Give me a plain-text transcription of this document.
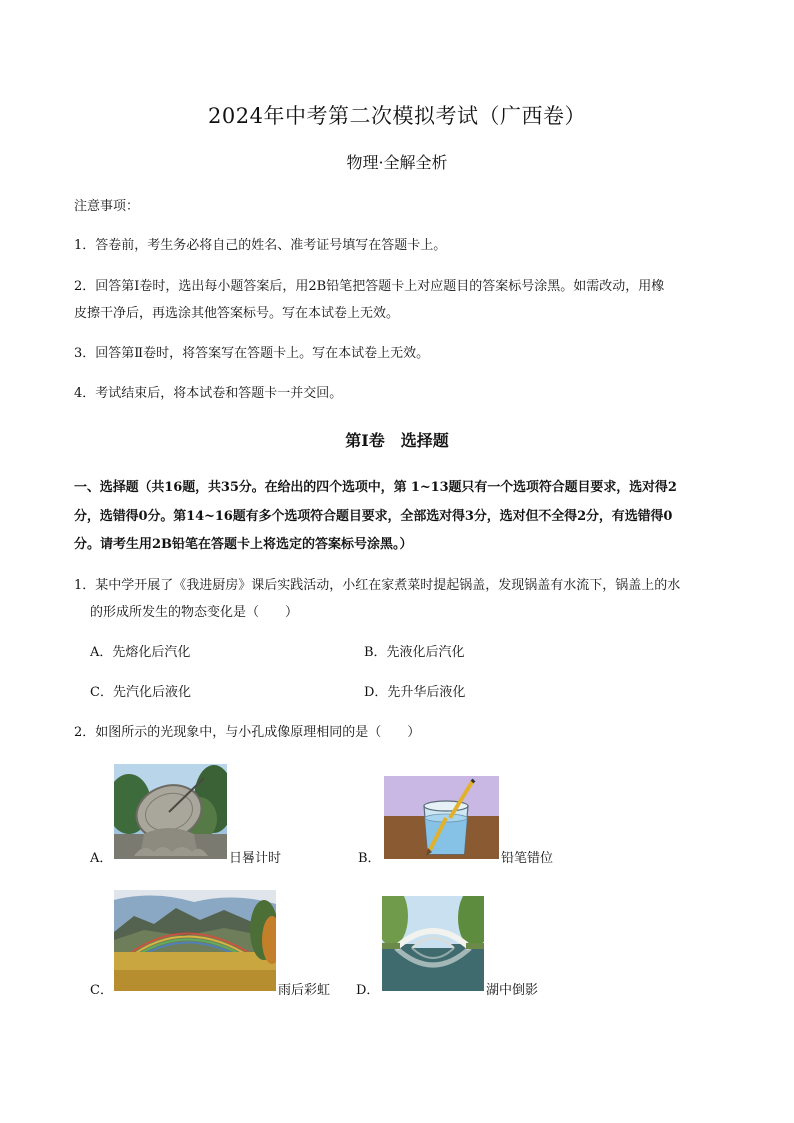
2024年中考第二次模拟考试（广西卷）
物理·全解全析
注意事项：
1．答卷前，考生务必将自己的姓名、准考证号填写在答题卡上。
2．回答第Ⅰ卷时，选出每小题答案后，用2B铅笔把答题卡上对应题目的答案标号涂黑。如需改动，用橡
皮擦干净后，再选涂其他答案标号。写在本试卷上无效。
3．回答第Ⅱ卷时，将答案写在答题卡上。写在本试卷上无效。
4．考试结束后，将本试卷和答题卡一并交回。
第Ⅰ卷　选择题
一、选择题（共16题，共35分。在给出的四个选项中，第 1~13题只有一个选项符合题目要求，选对得2
分，选错得0分。第14~16题有多个选项符合题目要求，全部选对得3分，选对但不全得2分，有选错得0
分。请考生用2B铅笔在答题卡上将选定的答案标号涂黑。）
1．某中学开展了《我进厨房》课后实践活动，小红在家煮菜时提起锅盖，发现锅盖有水流下，锅盖上的水
的形成所发生的物态变化是（　　）
A．先熔化后汽化	B．先液化后汽化
C．先汽化后液化	D．先升华后液化
2．如图所示的光现象中，与小孔成像原理相同的是（　　）
A．	日晷计时	B．	铅笔错位
C．	雨后彩虹 D．	湖中倒影
